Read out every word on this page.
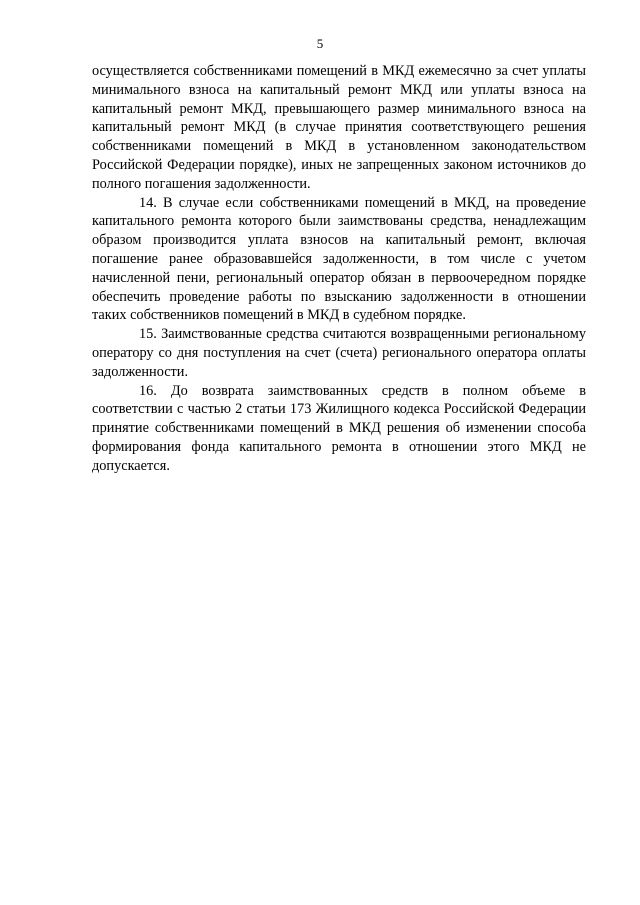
5

осуществляется собственниками помещений в МКД ежемесячно за счет уплаты минимального взноса на капитальный ремонт МКД или уплаты взноса на капитальный ремонт МКД, превышающего размер минимального взноса на капитальный ремонт МКД (в случае принятия соответствующего решения собственниками помещений в МКД в установленном законодательством Российской Федерации порядке), иных не запрещенных законом источников до полного погашения задолженности.

14. В случае если собственниками помещений в МКД, на проведение капитального ремонта которого были заимствованы средства, ненадлежащим образом производится уплата взносов на капитальный ремонт, включая погашение ранее образовавшейся задолженности, в том числе с учетом начисленной пени, региональный оператор обязан в первоочередном порядке обеспечить проведение работы по взысканию задолженности в отношении таких собственников помещений в МКД в судебном порядке.

15. Заимствованные средства считаются возвращенными региональному оператору со дня поступления на счет (счета) регионального оператора оплаты задолженности.

16. До возврата заимствованных средств в полном объеме в соответствии с частью 2 статьи 173 Жилищного кодекса Российской Федерации принятие собственниками помещений в МКД решения об изменении способа формирования фонда капитального ремонта в отношении этого МКД не допускается.
